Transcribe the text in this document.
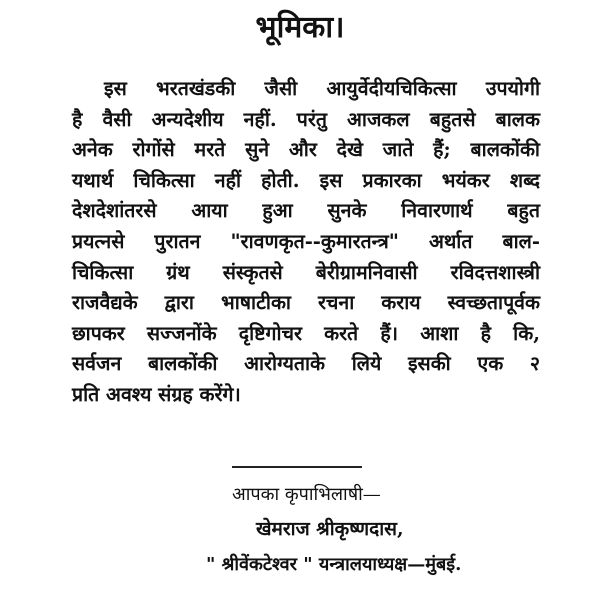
भूमिका।
इस भरतखंडकी जैसी आयुर्वेदीयचिकित्सा उपयोगी
है वैसी अन्यदेशीय नहीं. परंतु आजकल बहुतसे बालक
अनेक रोगोंसे मरते सुने और देखे जाते हैं; बालकोंकी
यथार्थ चिकित्सा नहीं होती. इस प्रकारका भयंकर शब्द
देशदेशांतरसे आया हुआ सुनके निवारणार्थ बहुत
प्रयत्नसे पुरातन "रावणकृत--कुमारतन्त्र" अर्थात बाल-
चिकित्सा ग्रंथ संस्कृतसे बेरीग्रामनिवासी रविदत्तशास्त्री
राजवैद्यके द्वारा भाषाटीका रचना कराय स्वच्छतापूर्वक
छापकर सज्जनोंके दृष्टिगोचर करते हैं। आशा है कि,
सर्वजन बालकोंकी आरोग्यताके लिये इसकी एक २
प्रति अवश्य संग्रह करेंगे।
आपका कृपाभिलाषी—
खेमराज श्रीकृष्णदास,
" श्रीवेंकटेश्वर " यन्त्रालयाध्यक्ष—मुंबई.
